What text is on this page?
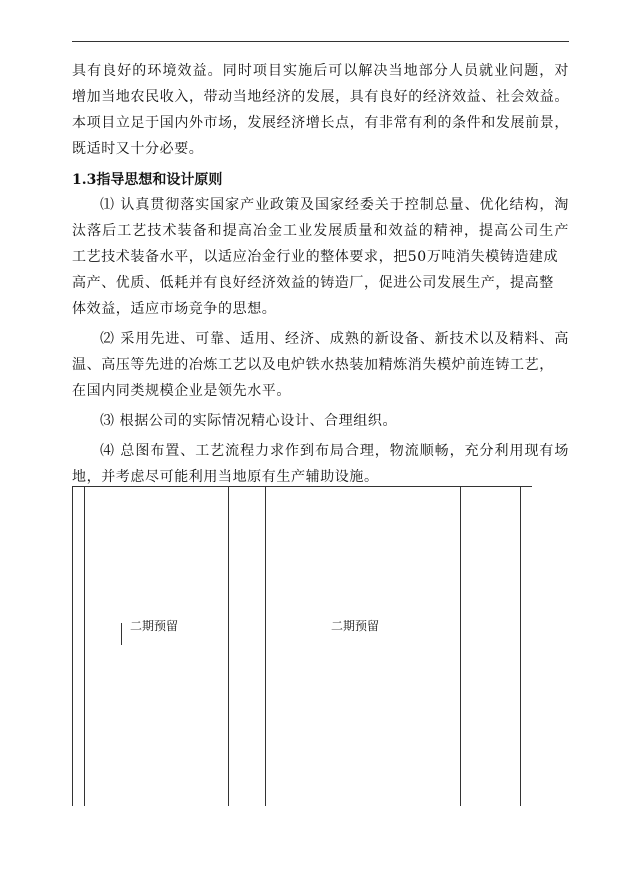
具有良好的环境效益。同时项目实施后可以解决当地部分人员就业问题，对
增加当地农民收入，带动当地经济的发展，具有良好的经济效益、社会效益。
本项目立足于国内外市场，发展经济增长点，有非常有利的条件和发展前景，
既适时又十分必要。
1.3指导思想和设计原则
⑴ 认真贯彻落实国家产业政策及国家经委关于控制总量、优化结构，淘
汰落后工艺技术装备和提高冶金工业发展质量和效益的精神，提高公司生产
工艺技术装备水平，以适应冶金行业的整体要求，把50万吨消失模铸造建成
高产、优质、低耗并有良好经济效益的铸造厂，促进公司发展生产，提高整
体效益，适应市场竞争的思想。
⑵ 采用先进、可靠、适用、经济、成熟的新设备、新技术以及精料、高
温、高压等先进的冶炼工艺以及电炉铁水热装加精炼消失模炉前连铸工艺，
在国内同类规模企业是领先水平。
⑶ 根据公司的实际情况精心设计、合理组织。
⑷ 总图布置、工艺流程力求作到布局合理，物流顺畅，充分利用现有场
地，并考虑尽可能利用当地原有生产辅助设施。
二期预留	二期预留
